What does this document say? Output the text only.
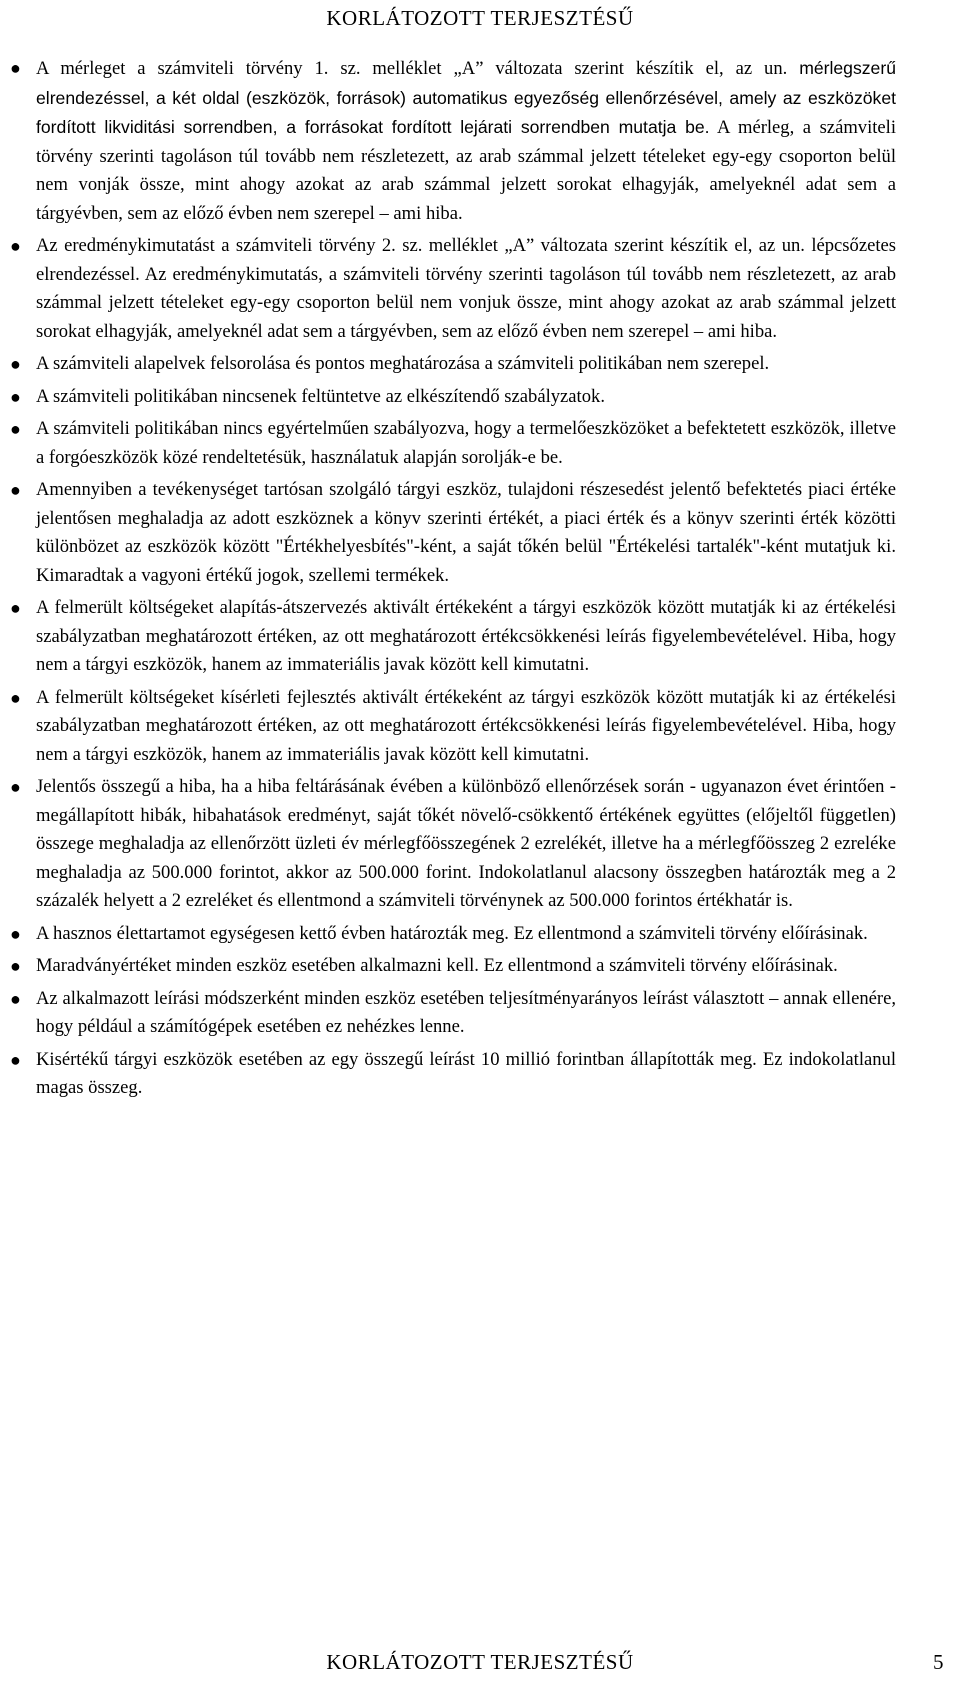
KORLÁTOZOTT TERJESZTÉSŰ
● A mérleget a számviteli törvény 1. sz. melléklet „A” változata szerint készítik el, az un. mérlegszerű elrendezéssel, a két oldal (eszközök, források) automatikus egyezőség ellenőrzésével, amely az eszközöket fordított likviditási sorrendben, a forrásokat fordított lejárati sorrendben mutatja be. A mérleg, a számviteli törvény szerinti tagoláson túl tovább nem részletezett, az arab számmal jelzett tételeket egy-egy csoporton belül nem vonják össze, mint ahogy azokat az arab számmal jelzett sorokat elhagyják, amelyeknél adat sem a tárgyévben, sem az előző évben nem szerepel – ami hiba.
● Az eredménykimutatást a számviteli törvény 2. sz. melléklet „A” változata szerint készítik el, az un. lépcsőzetes elrendezéssel. Az eredménykimutatás, a számviteli törvény szerinti tagoláson túl tovább nem részletezett, az arab számmal jelzett tételeket egy-egy csoporton belül nem vonjuk össze, mint ahogy azokat az arab számmal jelzett sorokat elhagyják, amelyeknél adat sem a tárgyévben, sem az előző évben nem szerepel – ami hiba.
● A számviteli alapelvek felsorolása és pontos meghatározása a számviteli politikában nem szerepel.
● A számviteli politikában nincsenek feltüntetve az elkészítendő szabályzatok.
● A számviteli politikában nincs egyértelműen szabályozva, hogy a termelőeszközöket a befektetett eszközök, illetve a forgóeszközök közé rendeltetésük, használatuk alapján sorolják-e be.
● Amennyiben a tevékenységet tartósan szolgáló tárgyi eszköz, tulajdoni részesedést jelentő befektetés piaci értéke jelentősen meghaladja az adott eszköznek a könyv szerinti értékét, a piaci érték és a könyv szerinti érték közötti különbözet az eszközök között "Értékhelyesbítés"-ként, a saját tőkén belül "Értékelési tartalék"-ként mutatjuk ki. Kimaradtak a vagyoni értékű jogok, szellemi termékek.
● A felmerült költségeket alapítás-átszervezés aktivált értékeként a tárgyi eszközök között mutatják ki az értékelési szabályzatban meghatározott értéken, az ott meghatározott értékcsökkenési leírás figyelembevételével. Hiba, hogy nem a tárgyi eszközök, hanem az immateriális javak között kell kimutatni.
● A felmerült költségeket kísérleti fejlesztés aktivált értékeként az tárgyi eszközök között mutatják ki az értékelési szabályzatban meghatározott értéken, az ott meghatározott értékcsökkenési leírás figyelembevételével. Hiba, hogy nem a tárgyi eszközök, hanem az immateriális javak között kell kimutatni.
● Jelentős összegű a hiba, ha a hiba feltárásának évében a különböző ellenőrzések során - ugyanazon évet érintően - megállapított hibák, hibahatások eredményt, saját tőkét növelő-csökkentő értékének együttes (előjeltől független) összege meghaladja az ellenőrzött üzleti év mérlegfőösszegének 2 ezrelékét, illetve ha a mérlegfőösszeg 2 ezreléke meghaladja az 500.000 forintot, akkor az 500.000 forint. Indokolatlanul alacsony összegben határozták meg a 2 százalék helyett a 2 ezreléket és ellentmond a számviteli törvénynek az 500.000 forintos értékhatár is.
● A hasznos élettartamot egységesen kettő évben határozták meg. Ez ellentmond a számviteli törvény előírásinak.
● Maradványértéket minden eszköz esetében alkalmazni kell. Ez ellentmond a számviteli törvény előírásinak.
● Az alkalmazott leírási módszerként minden eszköz esetében teljesítményarányos leírást választott – annak ellenére, hogy például a számítógépek esetében ez nehézkes lenne.
● Kisértékű tárgyi eszközök esetében az egy összegű leírást 10 millió forintban állapították meg. Ez indokolatlanul magas összeg.
KORLÁTOZOTT TERJESZTÉSŰ	5
